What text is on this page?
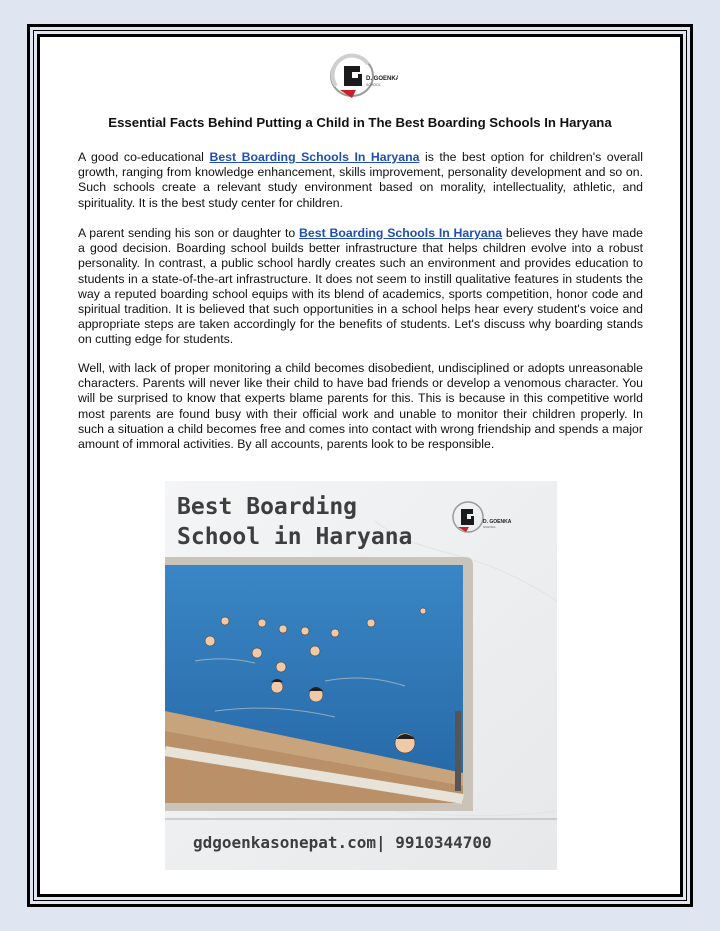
D. GOENKA
SCHOOL
Essential Facts Behind Putting a Child in The Best Boarding Schools In Haryana

A good co-educational Best Boarding Schools In Haryana is the best option for children's overall growth, ranging from knowledge enhancement, skills improvement, personality development and so on. Such schools create a relevant study environment based on morality, intellectuality, athletic, and spirituality. It is the best study center for children.

A parent sending his son or daughter to Best Boarding Schools In Haryana believes they have made a good decision. Boarding school builds better infrastructure that helps children evolve into a robust personality. In contrast, a public school hardly creates such an environment and provides education to students in a state-of-the-art infrastructure. It does not seem to instill qualitative features in students the way a reputed boarding school equips with its blend of academics, sports competition, honor code and spiritual tradition. It is believed that such opportunities in a school helps hear every student's voice and appropriate steps are taken accordingly for the benefits of students. Let's discuss why boarding stands on cutting edge for students.

Well, with lack of proper monitoring a child becomes disobedient, undisciplined or adopts unreasonable characters. Parents will never like their child to have bad friends or develop a venomous character. You will be surprised to know that experts blame parents for this. This is because in this competitive world most parents are found busy with their official work and unable to monitor their children properly. In such a situation a child becomes free and comes into contact with wrong friendship and spends a major amount of immoral activities. By all accounts, parents look to be responsible.

Best Boarding
School in Haryana
D. GOENKA
SCHOOL
gdgoenkasonepat.com| 9910344700
